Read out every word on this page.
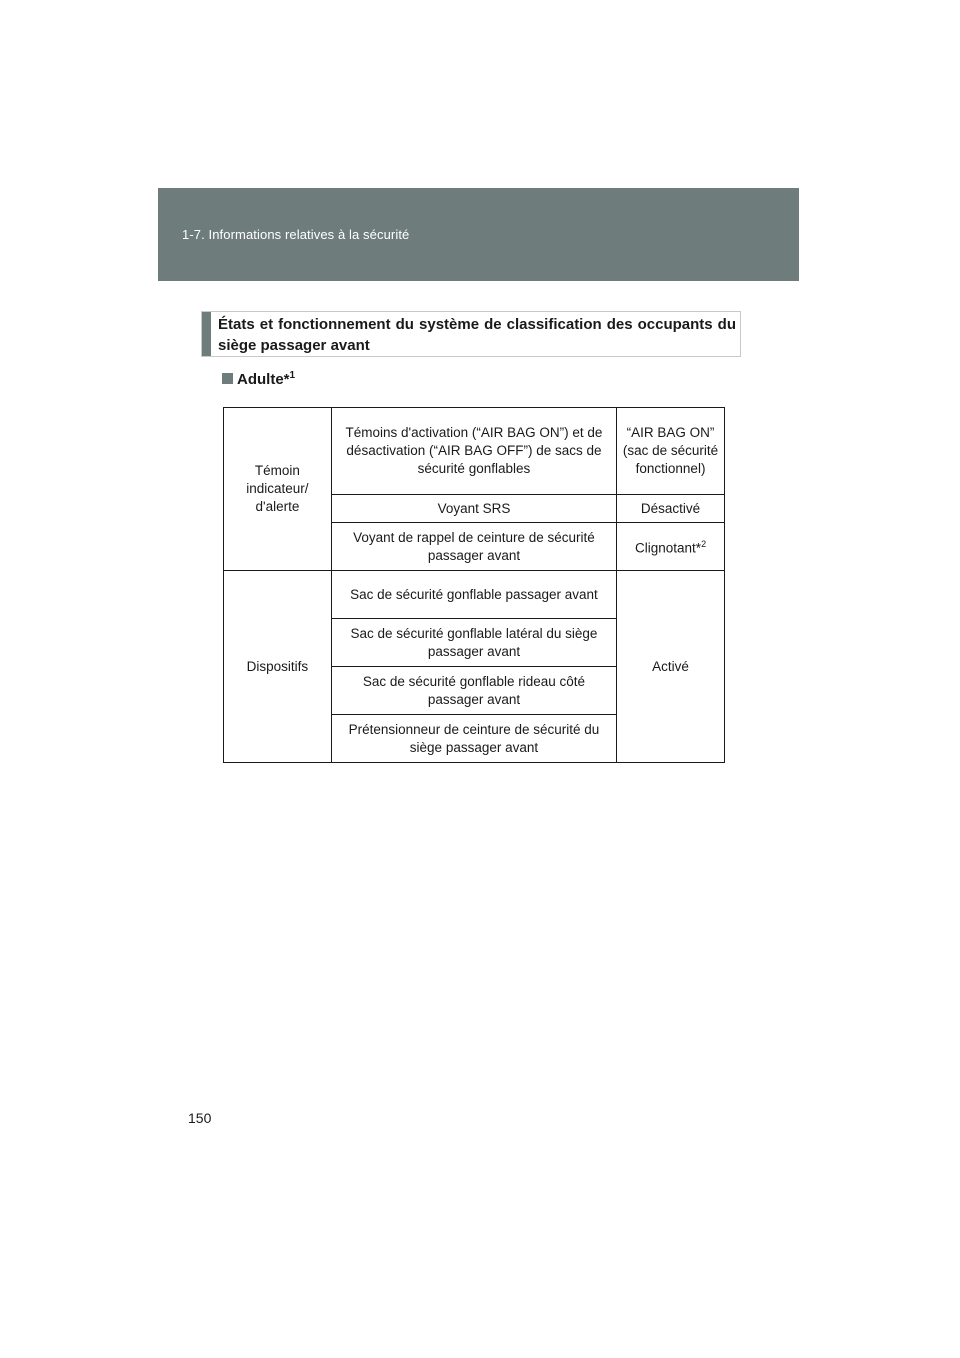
1-7. Informations relatives à la sécurité
États et fonctionnement du système de classification des occupants du siège passager avant
Adulte*$^1$
Témoin indicateur/ d'alerte	Témoins d'activation (“AIR BAG ON”) et de désactivation (“AIR BAG OFF”) de sacs de sécurité gonflables	“AIR BAG ON” (sac de sécurité fonctionnel)
	Voyant SRS	Désactivé
	Voyant de rappel de ceinture de sécurité passager avant	Clignotant*$^2$
Dispositifs	Sac de sécurité gonflable passager avant	Activé
	Sac de sécurité gonflable latéral du siège passager avant	
	Sac de sécurité gonflable rideau côté passager avant	
	Prétensionneur de ceinture de sécurité du siège passager avant	
150
